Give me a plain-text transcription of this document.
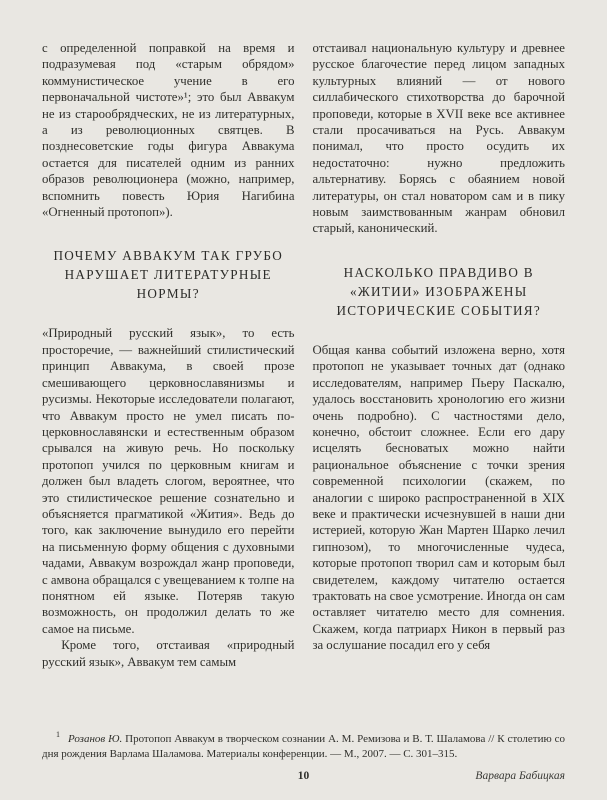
с определенной поправкой на время и подразумевая под «старым обрядом» коммунистическое учение в его первоначальной чистоте»¹; это был Аввакум не из старообрядческих, не из литературных, а из революционных святцев. В позднесоветские годы фигура Аввакума остается для писателей одним из ранних образов революционера (можно, например, вспомнить повесть Юрия Нагибина «Огненный протопоп»).

ПОЧЕМУ АВВАКУМ ТАК ГРУБО НАРУШАЕТ ЛИТЕРАТУРНЫЕ НОРМЫ?

«Природный русский язык», то есть просторечие, — важнейший стилистический принцип Аввакума, в своей прозе смешивающего церковнославянизмы и русизмы. Некоторые исследователи полагают, что Аввакум просто не умел писать по-церковнославянски и естественным образом срывался на живую речь. Но поскольку протопоп учился по церковным книгам и должен был владеть слогом, вероятнее, что это стилистическое решение сознательно и объясняется прагматикой «Жития». Ведь до того, как заключение вынудило его перейти на письменную форму общения с духовными чадами, Аввакум возрождал жанр проповеди, с амвона обращался с увещеванием к толпе на понятном ей языке. Потеряв такую возможность, он продолжил делать то же самое на письме.

Кроме того, отстаивая «природный русский язык», Аввакум тем самым

отстаивал национальную культуру и древнее русское благочестие перед лицом западных культурных влияний — от нового силлабического стихотворства до барочной проповеди, которые в XVII веке все активнее стали просачиваться на Русь. Аввакум понимал, что просто осудить их недостаточно: нужно предложить альтернативу. Борясь с обаянием новой литературы, он стал новатором сам и в пику новым заимствованным жанрам обновил старый, канонический.

НАСКОЛЬКО ПРАВДИВО В «ЖИТИИ» ИЗОБРАЖЕНЫ ИСТОРИЧЕСКИЕ СОБЫТИЯ?

Общая канва событий изложена верно, хотя протопоп не указывает точных дат (однако исследователям, например Пьеру Паскалю, удалось восстановить хронологию его жизни очень подробно). С частностями дело, конечно, обстоит сложнее. Если его дару исцелять бесноватых можно найти рациональное объяснение с точки зрения современной психологии (скажем, по аналогии с широко распространенной в XIX веке и практически исчезнувшей в наши дни истерией, которую Жан Мартен Шарко лечил гипнозом), то многочисленные чудеса, которые протопоп творил сам и которым был свидетелем, каждому читателю остается трактовать на свое усмотрение. Иногда он сам оставляет читателю место для сомнения. Скажем, когда патриарх Никон в первый раз за ослушание посадил его у себя

$^1$ Розанов Ю. Протопоп Аввакум в творческом сознании А. М. Ремизова и В. Т. Шаламова // К столетию со дня рождения Варлама Шаламова. Материалы конференции. — М., 2007. — С. 301–315.

10	Варвара Бабицкая
